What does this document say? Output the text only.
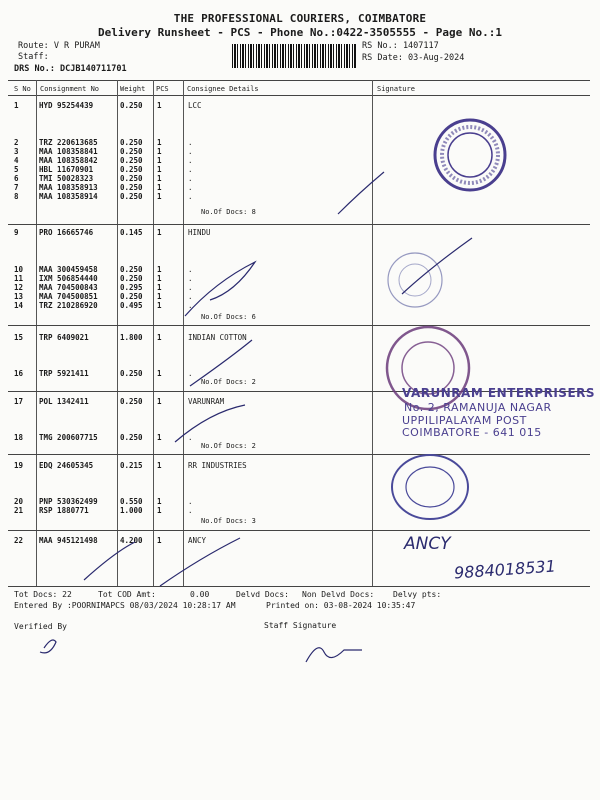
THE PROFESSIONAL COURIERS, COIMBATORE
Delivery Runsheet - PCS - Phone No.:0422-3505555 - Page No.:1
Route: V R PURAM
Staff:
DRS No.: DCJB140711701
RS No.: 1407117
RS Date: 03-Aug-2024
S No Consignment No	Weight PCS	Consignee Details	Signature
1	HYD 95254439	0.250 1	LCC
2	TRZ 220613685	0.250 1	.
3	MAA 108358841	0.250 1	.
4	MAA 108358842	0.250 1	.
5	HBL 11670901	0.250 1	.
6	TMI 50028323	0.250 1	.
7	MAA 108358913	0.250 1	.
8	MAA 108358914	0.250 1	.
9	PRO 16665746	0.145 1	HINDU
10 MAA 300459458	0.250 1	.
11 IXM 506854440	0.250 1	.
12 MAA 704500843	0.295 1	.
13 MAA 704500851	0.250 1	.
14 TRZ 210286920	0.495 1	.
15 TRP 6409021	1.800 1	INDIAN COTTON
16 TRP 5921411	0.250 1	.
17 POL 1342411	0.250 1	VARUNRAM
18 TMG 200607715	0.250 1	.
19 EDQ 24605345	0.215 1	RR INDUSTRIES
20 PNP 530362499	0.550 1	.
21 RSP 1880771	1.000 1	.
22 MAA 945121498	4.200 1	ANCY
No.Of Docs: 8
No.Of Docs: 6
No.Of Docs: 2
No.Of Docs: 2
No.Of Docs: 3
VARUNRAM ENTERPRISERS
No. 2, RAMANUJA NAGAR
UPPILIPALAYAM POST
COIMBATORE - 641 015
ANCY
9884018531
Tot Docs: 22	Tot COD Amt:	0.00	Delvd Docs: Non Delvd Docs: Delvy pts:
Entered By :POORNIMAPCS 08/03/2024 10:28:17 AM	Printed on: 03-08-2024 10:35:47
Verified By	Staff Signature
